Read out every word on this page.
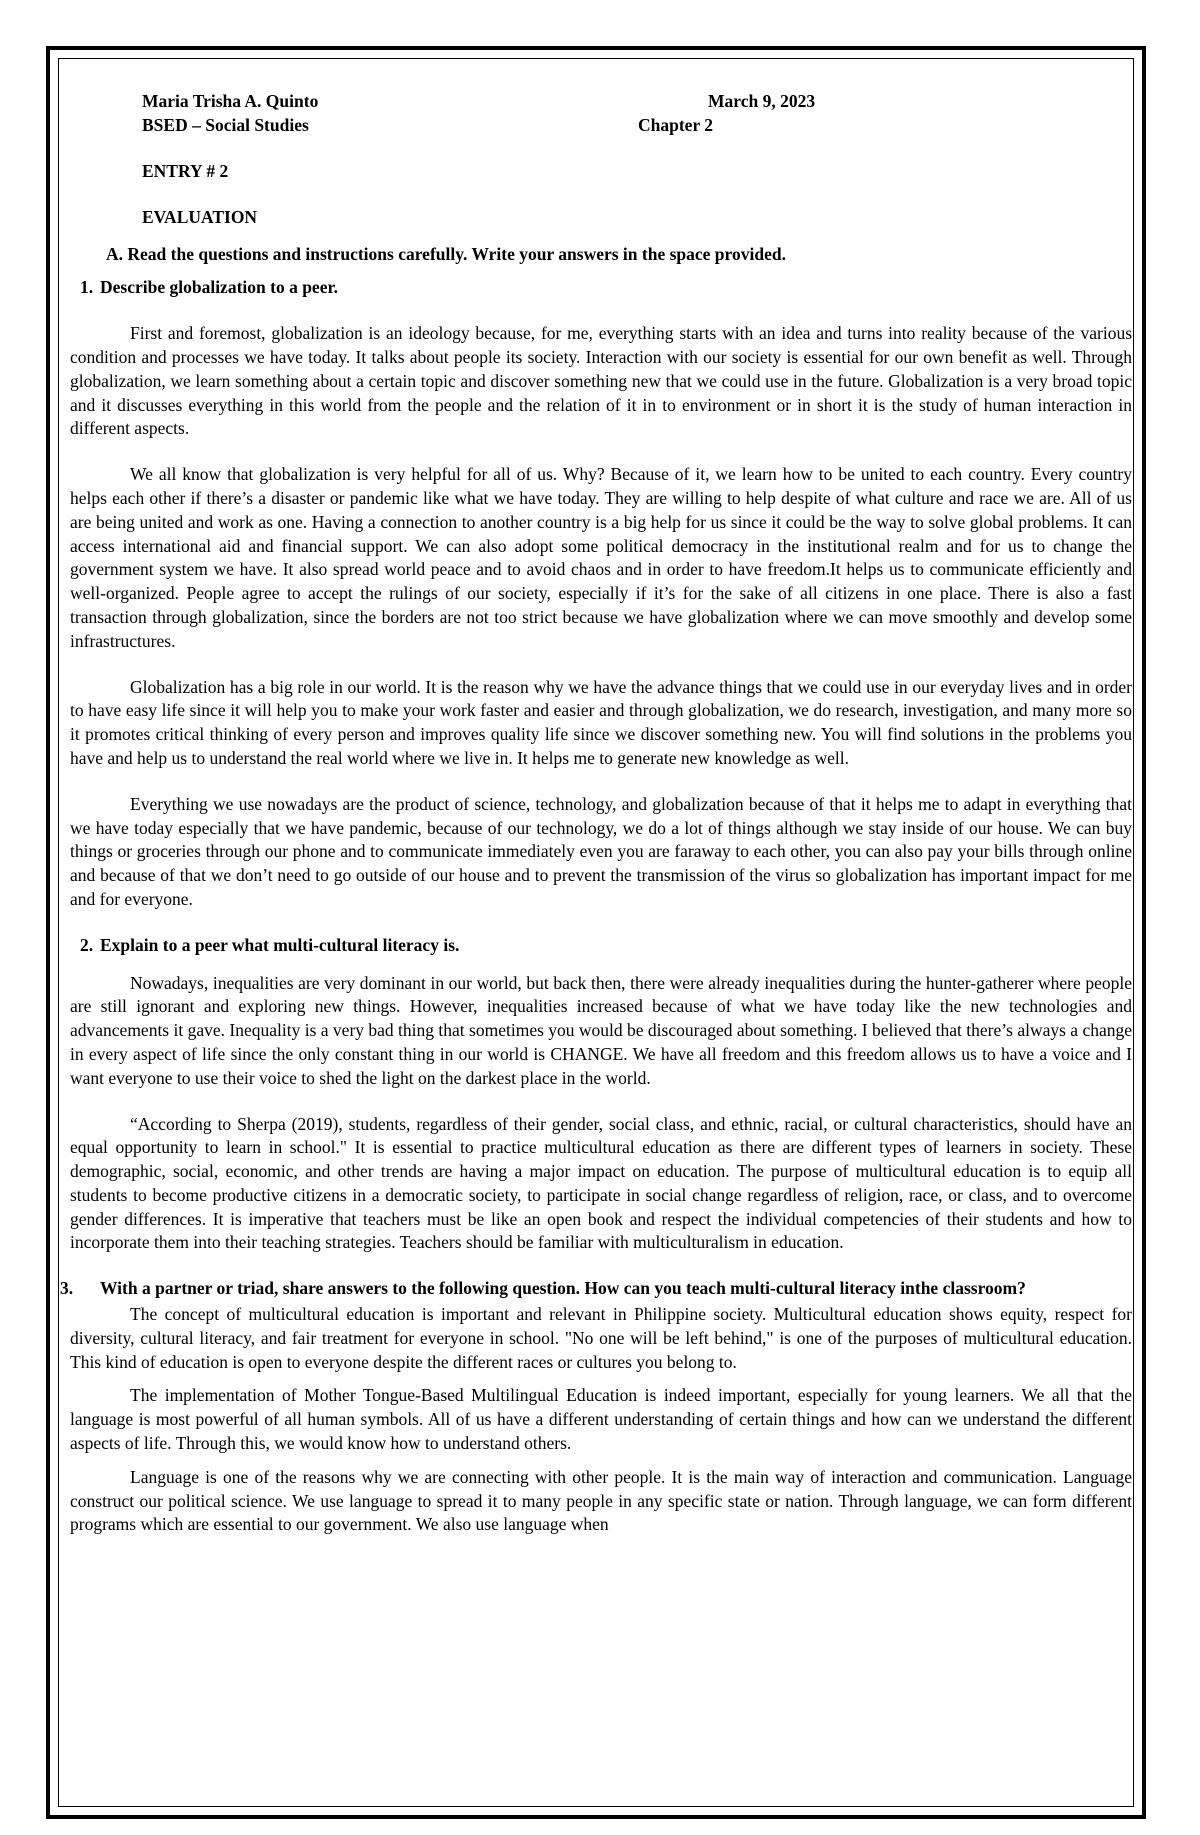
Maria Trisha A. Quinto	March 9, 2023
BSED – Social Studies	Chapter 2
ENTRY # 2
EVALUATION
A. Read the questions and instructions carefully. Write your answers in the space provided.
1. Describe globalization to a peer.

First and foremost, globalization is an ideology because, for me, everything starts with an idea and turns into reality because of the various condition and processes we have today. It talks about people its society. Interaction with our society is essential for our own benefit as well. Through globalization, we learn something about a certain topic and discover something new that we could use in the future. Globalization is a very broad topic and it discusses everything in this world from the people and the relation of it in to environment or in short it is the study of human interaction in different aspects.

We all know that globalization is very helpful for all of us. Why? Because of it, we learn how to be united to each country. Every country helps each other if there’s a disaster or pandemic like what we have today. They are willing to help despite of what culture and race we are. All of us are being united and work as one. Having a connection to another country is a big help for us since it could be the way to solve global problems. It can access international aid and financial support. We can also adopt some political democracy in the institutional realm and for us to change the government system we have. It also spread world peace and to avoid chaos and in order to have freedom.It helps us to communicate efficiently and well-organized. People agree to accept the rulings of our society, especially if it’s for the sake of all citizens in one place. There is also a fast transaction through globalization, since the borders are not too strict because we have globalization where we can move smoothly and develop some infrastructures.

Globalization has a big role in our world. It is the reason why we have the advance things that we could use in our everyday lives and in order to have easy life since it will help you to make your work faster and easier and through globalization, we do research, investigation, and many more so it promotes critical thinking of every person and improves quality life since we discover something new. You will find solutions in the problems you have and help us to understand the real world where we live in. It helps me to generate new knowledge as well.

Everything we use nowadays are the product of science, technology, and globalization because of that it helps me to adapt in everything that we have today especially that we have pandemic, because of our technology, we do a lot of things although we stay inside of our house. We can buy things or groceries through our phone and to communicate immediately even you are faraway to each other, you can also pay your bills through online and because of that we don’t need to go outside of our house and to prevent the transmission of the virus so globalization has important impact for me and for everyone.

2. Explain to a peer what multi-cultural literacy is.

Nowadays, inequalities are very dominant in our world, but back then, there were already inequalities during the hunter-gatherer where people are still ignorant and exploring new things. However, inequalities increased because of what we have today like the new technologies and advancements it gave. Inequality is a very bad thing that sometimes you would be discouraged about something. I believed that there’s always a change in every aspect of life since the only constant thing in our world is CHANGE. We have all freedom and this freedom allows us to have a voice and I want everyone to use their voice to shed the light on the darkest place in the world.

“According to Sherpa (2019), students, regardless of their gender, social class, and ethnic, racial, or cultural characteristics, should have an equal opportunity to learn in school." It is essential to practice multicultural education as there are different types of learners in society. These demographic, social, economic, and other trends are having a major impact on education. The purpose of multicultural education is to equip all students to become productive citizens in a democratic society, to participate in social change regardless of religion, race, or class, and to overcome gender differences. It is imperative that teachers must be like an open book and respect the individual competencies of their students and how to incorporate them into their teaching strategies. Teachers should be familiar with multiculturalism in education.

3. With a partner or triad, share answers to the following question. How can you teach multi-cultural literacy inthe classroom?

The concept of multicultural education is important and relevant in Philippine society. Multicultural education shows equity, respect for diversity, cultural literacy, and fair treatment for everyone in school. "No one will be left behind," is one of the purposes of multicultural education. This kind of education is open to everyone despite the different races or cultures you belong to.

The implementation of Mother Tongue-Based Multilingual Education is indeed important, especially for young learners. We all that the language is most powerful of all human symbols. All of us have a different understanding of certain things and how can we understand the different aspects of life. Through this, we would know how to understand others.

Language is one of the reasons why we are connecting with other people. It is the main way of interaction and communication. Language construct our political science. We use language to spread it to many people in any specific state or nation. Through language, we can form different programs which are essential to our government. We also use language when
